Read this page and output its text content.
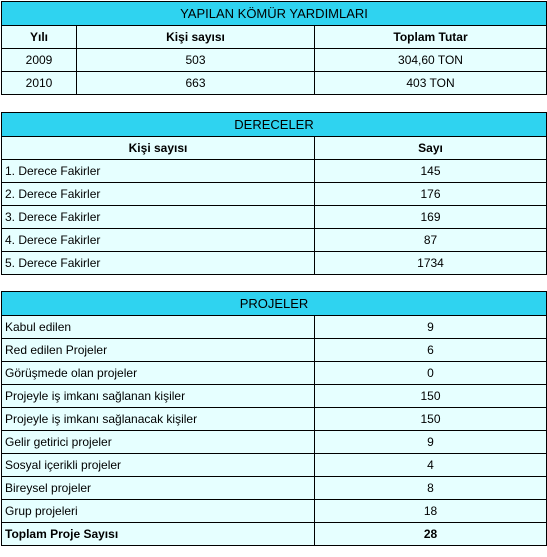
YAPILAN KÖMÜR YARDIMLARI		
Yılı	Kişi sayısı	Toplam Tutar
2009	503	304,60 TON
2010	663	403 TON
DERECELER	
Kişi sayısı	Sayı
1. Derece Fakirler	145
2. Derece Fakirler	176
3. Derece Fakirler	169
4. Derece Fakirler	87
5. Derece Fakirler	1734
PROJELER	
Kabul edilen	9
Red edilen Projeler	6
Görüşmede olan projeler	0
Projeyle iş imkanı sağlanan kişiler	150
Projeyle iş imkanı sağlanacak kişiler	150
Gelir getirici projeler	9
Sosyal içerikli projeler	4
Bireysel projeler	8
Grup projeleri	18
Toplam Proje Sayısı	28
